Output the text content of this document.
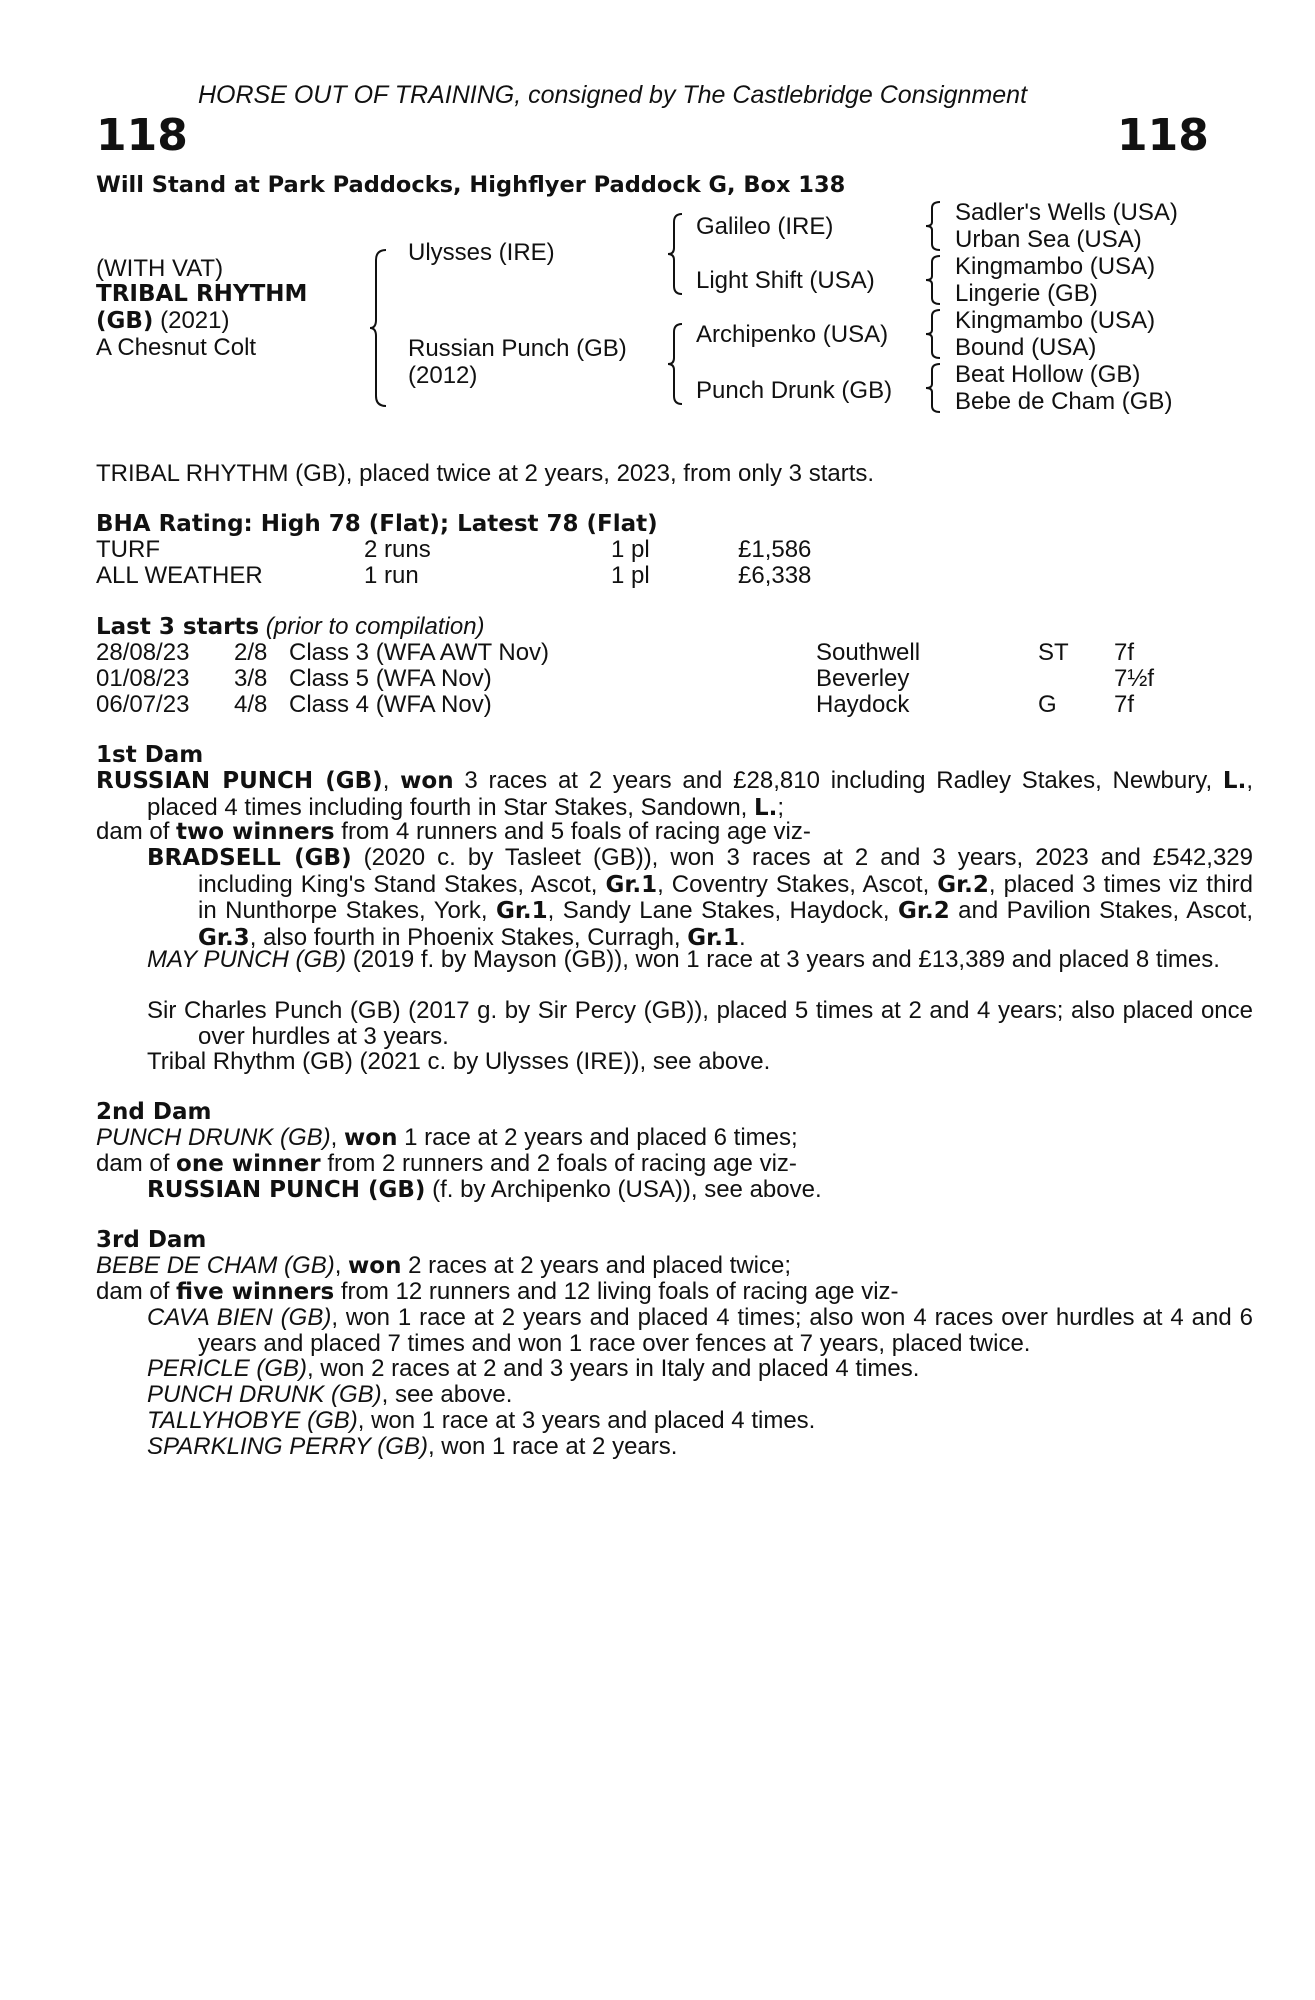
HORSE OUT OF TRAINING, consigned by The Castlebridge Consignment
118	118
Will Stand at Park Paddocks, Highflyer Paddock G, Box 138
(WITH VAT)
TRIBAL RHYTHM
(GB) (2021)
A Chesnut Colt
Ulysses (IRE)
Russian Punch (GB)
(2012)
Galileo (IRE)
Light Shift (USA)
Archipenko (USA)
Punch Drunk (GB)
Sadler's Wells (USA)
Urban Sea (USA)
Kingmambo (USA)
Lingerie (GB)
Kingmambo (USA)
Bound (USA)
Beat Hollow (GB)
Bebe de Cham (GB)
TRIBAL RHYTHM (GB), placed twice at 2 years, 2023, from only 3 starts.
BHA Rating: High 78 (Flat); Latest 78 (Flat)
TURF	2 runs	1 pl	£1,586
ALL WEATHER	1 run	1 pl	£6,338
Last 3 starts (prior to compilation)
28/08/23 2/8 Class 3 (WFA AWT Nov)	Southwell	ST 7f
01/08/23 3/8 Class 5 (WFA Nov)	Beverley	7½f
06/07/23 4/8 Class 4 (WFA Nov)	Haydock	G 7f
1st Dam
RUSSIAN PUNCH (GB), won 3 races at 2 years and £28,810 including Radley Stakes, Newbury, L., placed 4 times including fourth in Star Stakes, Sandown, L.;
dam of two winners from 4 runners and 5 foals of racing age viz-
BRADSELL (GB) (2020 c. by Tasleet (GB)), won 3 races at 2 and 3 years, 2023 and £542,329 including King's Stand Stakes, Ascot, Gr.1, Coventry Stakes, Ascot, Gr.2, placed 3 times viz third in Nunthorpe Stakes, York, Gr.1, Sandy Lane Stakes, Haydock, Gr.2 and Pavilion Stakes, Ascot, Gr.3, also fourth in Phoenix Stakes, Curragh, Gr.1.
MAY PUNCH (GB) (2019 f. by Mayson (GB)), won 1 race at 3 years and £13,389 and placed 8 times.
Sir Charles Punch (GB) (2017 g. by Sir Percy (GB)), placed 5 times at 2 and 4 years; also placed once over hurdles at 3 years.
Tribal Rhythm (GB) (2021 c. by Ulysses (IRE)), see above.
2nd Dam
PUNCH DRUNK (GB), won 1 race at 2 years and placed 6 times;
dam of one winner from 2 runners and 2 foals of racing age viz-
RUSSIAN PUNCH (GB) (f. by Archipenko (USA)), see above.
3rd Dam
BEBE DE CHAM (GB), won 2 races at 2 years and placed twice;
dam of five winners from 12 runners and 12 living foals of racing age viz-
CAVA BIEN (GB), won 1 race at 2 years and placed 4 times; also won 4 races over hurdles at 4 and 6 years and placed 7 times and won 1 race over fences at 7 years, placed twice.
PERICLE (GB), won 2 races at 2 and 3 years in Italy and placed 4 times.
PUNCH DRUNK (GB), see above.
TALLYHOBYE (GB), won 1 race at 3 years and placed 4 times.
SPARKLING PERRY (GB), won 1 race at 2 years.
